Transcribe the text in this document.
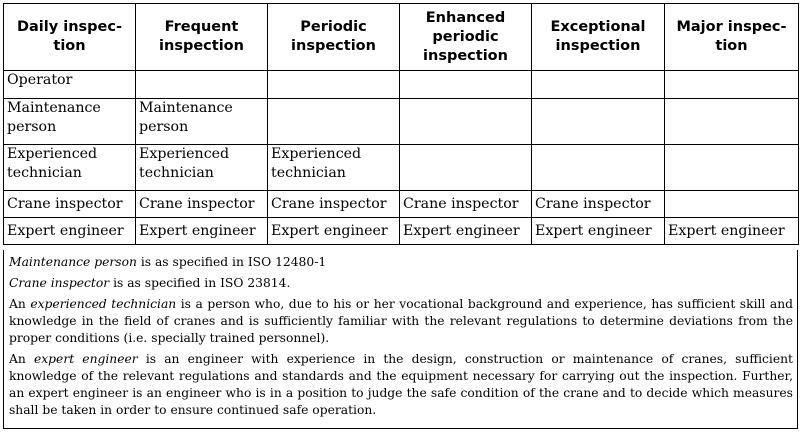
Daily inspec-tion	Frequent inspection	Periodic inspection	Enhanced periodic inspection	Exceptional inspection	Major inspec-tion
Operator					
Maintenance person	Maintenance person				
Experienced technician	Experienced technician	Experienced technician			
Crane inspector	Crane inspector	Crane inspector	Crane inspector	Crane inspector	
Expert engineer	Expert engineer	Expert engineer	Expert engineer	Expert engineer	Expert engineer

Maintenance person is as specified in ISO 12480-1

Crane inspector is as specified in ISO 23814.

An experienced technician is a person who, due to his or her vocational background and experience, has sufficient skill and knowledge in the field of cranes and is sufficiently familiar with the relevant regulations to determine deviations from the proper conditions (i.e. specially trained personnel).

An expert engineer is an engineer with experience in the design, construction or maintenance of cranes, sufficient knowledge of the relevant regulations and standards and the equipment necessary for carrying out the inspection. Further, an expert engineer is an engineer who is in a position to judge the safe condition of the crane and to decide which measures shall be taken in order to ensure continued safe operation.
